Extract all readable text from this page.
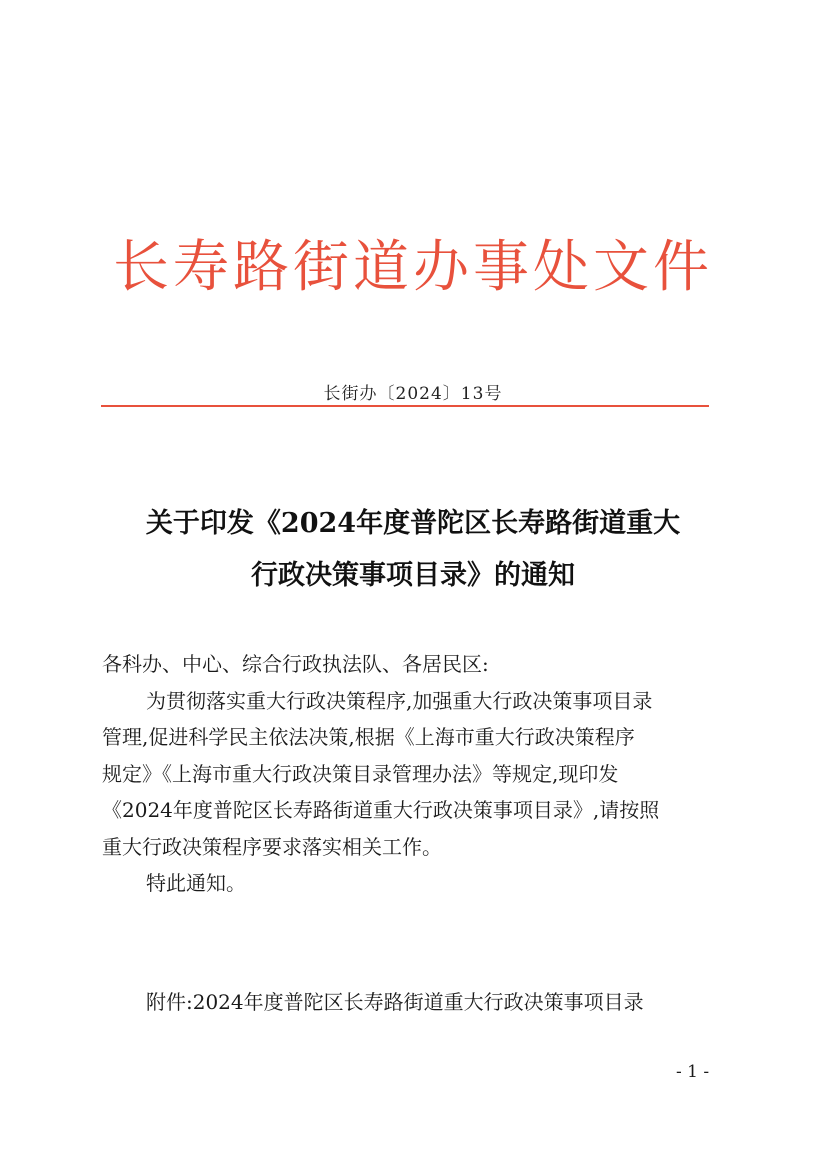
长寿路街道办事处文件
长街办〔2024〕13号
关于印发《2024年度普陀区长寿路街道重大
行政决策事项目录》的通知

各科办、中心、综合行政执法队、各居民区:

为贯彻落实重大行政决策程序,加强重大行政决策事项目录

管理,促进科学民主依法决策,根据《上海市重大行政决策程序

规定》《上海市重大行政决策目录管理办法》等规定,现印发

《2024年度普陀区长寿路街道重大行政决策事项目录》,请按照

重大行政决策程序要求落实相关工作。

特此通知。

附件:2024年度普陀区长寿路街道重大行政决策事项目录
- 1 -
